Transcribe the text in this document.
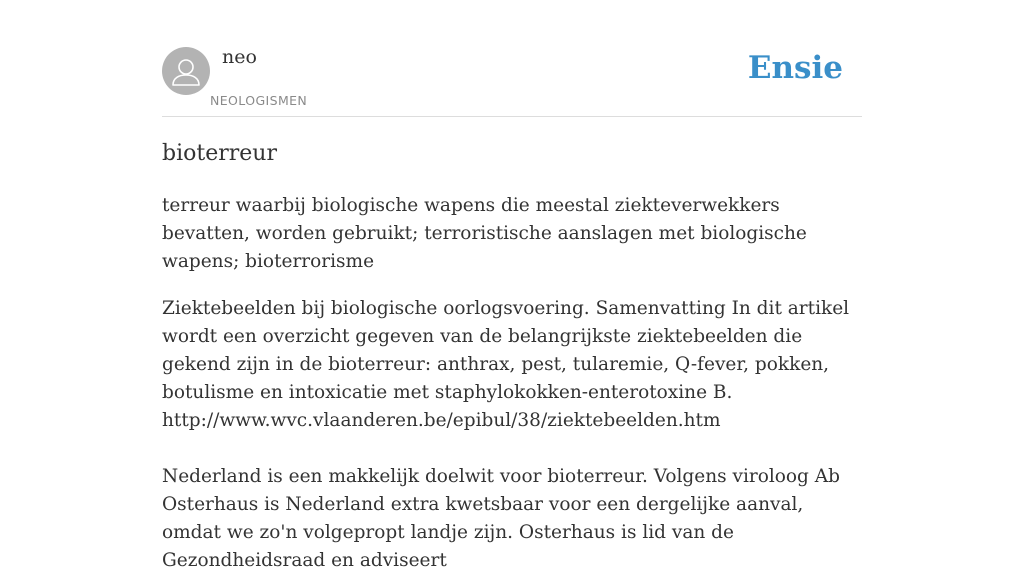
neo
NEOLOGISMEN
Ensie
bioterreur

terreur waarbij biologische wapens die meestal ziekteverwekkers bevatten, worden gebruikt; terroristische aanslagen met biologische wapens; bioterrorisme

Ziektebeelden bij biologische oorlogsvoering. Samenvatting In dit artikel wordt een overzicht gegeven van de belangrijkste ziektebeelden die gekend zijn in de bioterreur: anthrax, pest, tularemie, Q-fever, pokken, botulisme en intoxicatie met staphylokokken-enterotoxine B.
http://www.wvc.vlaanderen.be/epibul/38/ziektebeelden.htm

Nederland is een makkelijk doelwit voor bioterreur. Volgens viroloog Ab Osterhaus is Nederland extra kwetsbaar voor een dergelijke aanval, omdat we zo'n volgepropt landje zijn. Osterhaus is lid van de Gezondheidsraad en adviseert
